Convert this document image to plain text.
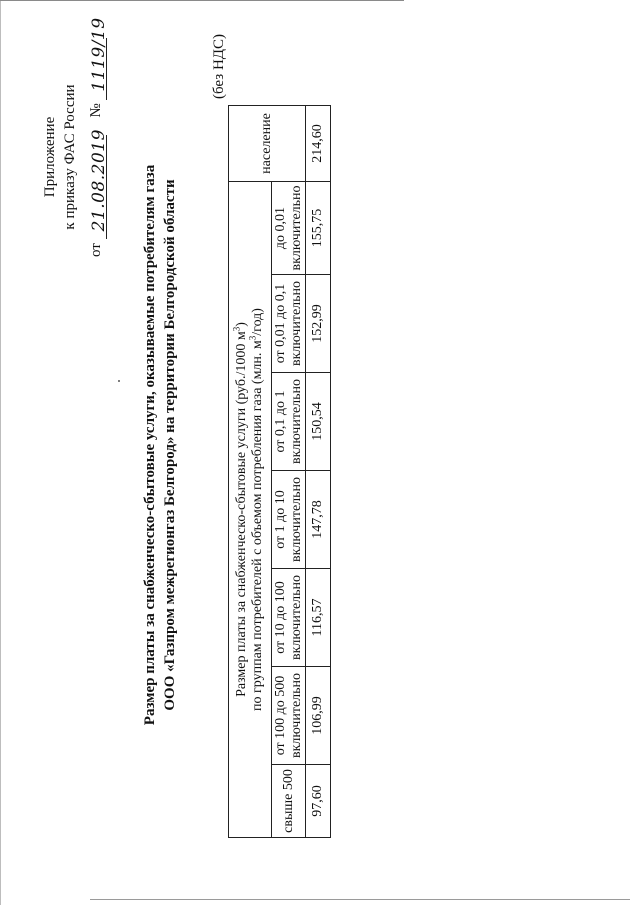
Приложение к приказу ФАС России
от
21.08.2019
№
1119/19
Размер платы за снабженческо-сбытовые услуги, оказываемые потребителям газа ООО «Газпром межрегионгаз Белгород» на территории Белгородской области
(без НДС)
Размер платы за снабженческо-сбытовые услуги (руб./1000 $м^3$)
по группам потребителей с объемом потребления газа (млн. $м^3/год$)							население

свыше 500	от 100 до 500 включительно	от 10 до 100 включительно	от 1 до 10 включительно	от 0,1 до 1 включительно	от 0,01 до 0,1 включительно	до 0,01 включительно	

97,60	106,99	116,57	147,78	150,54	152,99	155,75	214,60
